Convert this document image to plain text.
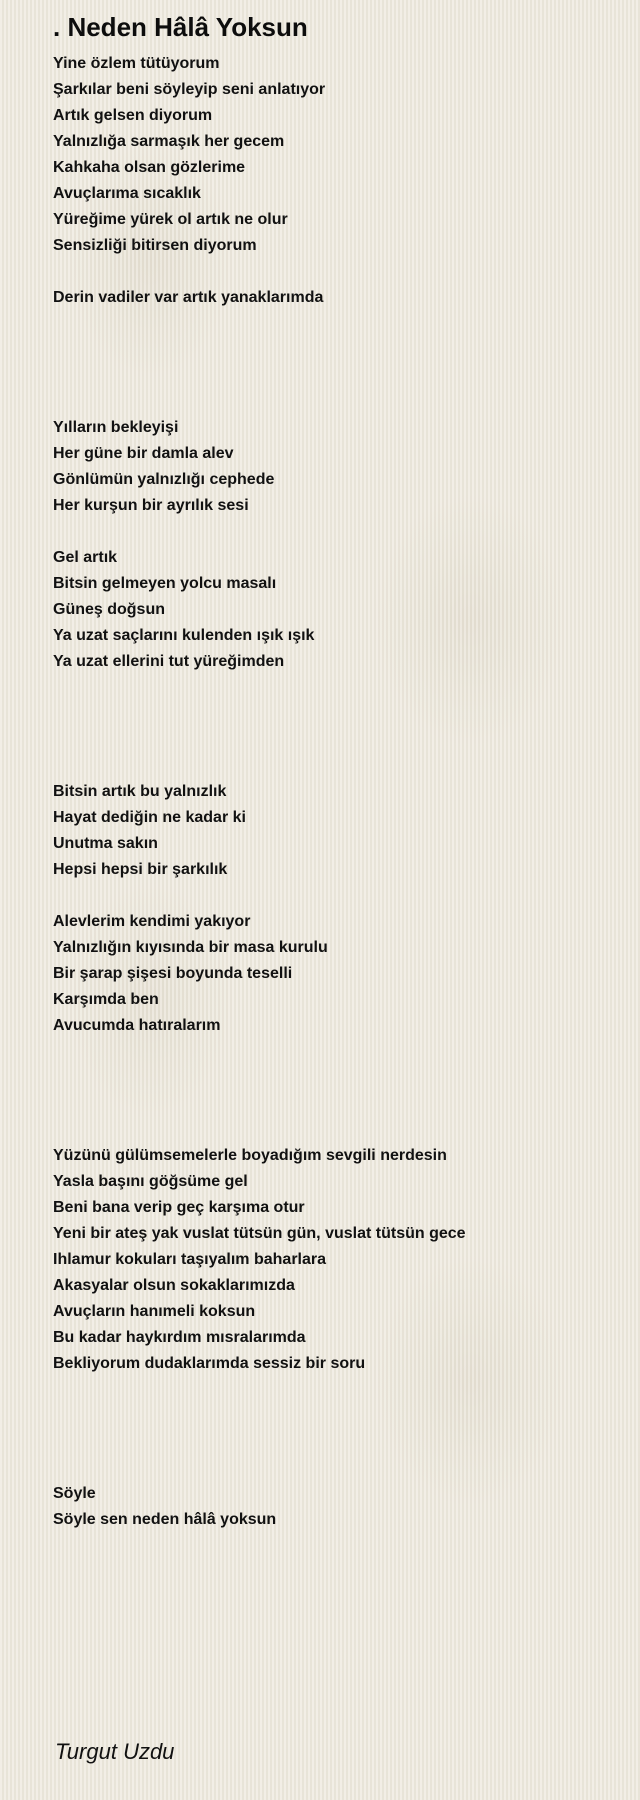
. Neden Hâlâ Yoksun
Yine özlem tütüyorum
Şarkılar beni söyleyip seni anlatıyor
Artık gelsen diyorum
Yalnızlığa sarmaşık her gecem
Kahkaha olsan gözlerime
Avuçlarıma sıcaklık
Yüreğime yürek ol artık ne olur
Sensizliği bitirsen diyorum
Derin vadiler var artık yanaklarımda
Yılların bekleyişi
Her güne bir damla alev
Gönlümün yalnızlığı cephede
Her kurşun bir ayrılık sesi
Gel artık
Bitsin gelmeyen yolcu masalı
Güneş doğsun
Ya uzat saçlarını kulenden ışık ışık
Ya uzat ellerini tut yüreğimden
Bitsin artık bu yalnızlık
Hayat dediğin ne kadar ki
Unutma sakın
Hepsi hepsi bir şarkılık
Alevlerim kendimi yakıyor
Yalnızlığın kıyısında bir masa kurulu
Bir şarap şişesi boyunda teselli
Karşımda ben
Avucumda hatıralarım
Yüzünü gülümsemelerle boyadığım sevgili nerdesin
Yasla başını göğsüme gel
Beni bana verip geç karşıma otur
Yeni bir ateş yak vuslat tütsün gün, vuslat tütsün gece
Ihlamur kokuları taşıyalım baharlara
Akasyalar olsun sokaklarımızda
Avuçların hanımeli koksun
Bu kadar haykırdım mısralarımda
Bekliyorum dudaklarımda sessiz bir soru
Söyle
Söyle sen neden hâlâ yoksun
Turgut Uzdu
